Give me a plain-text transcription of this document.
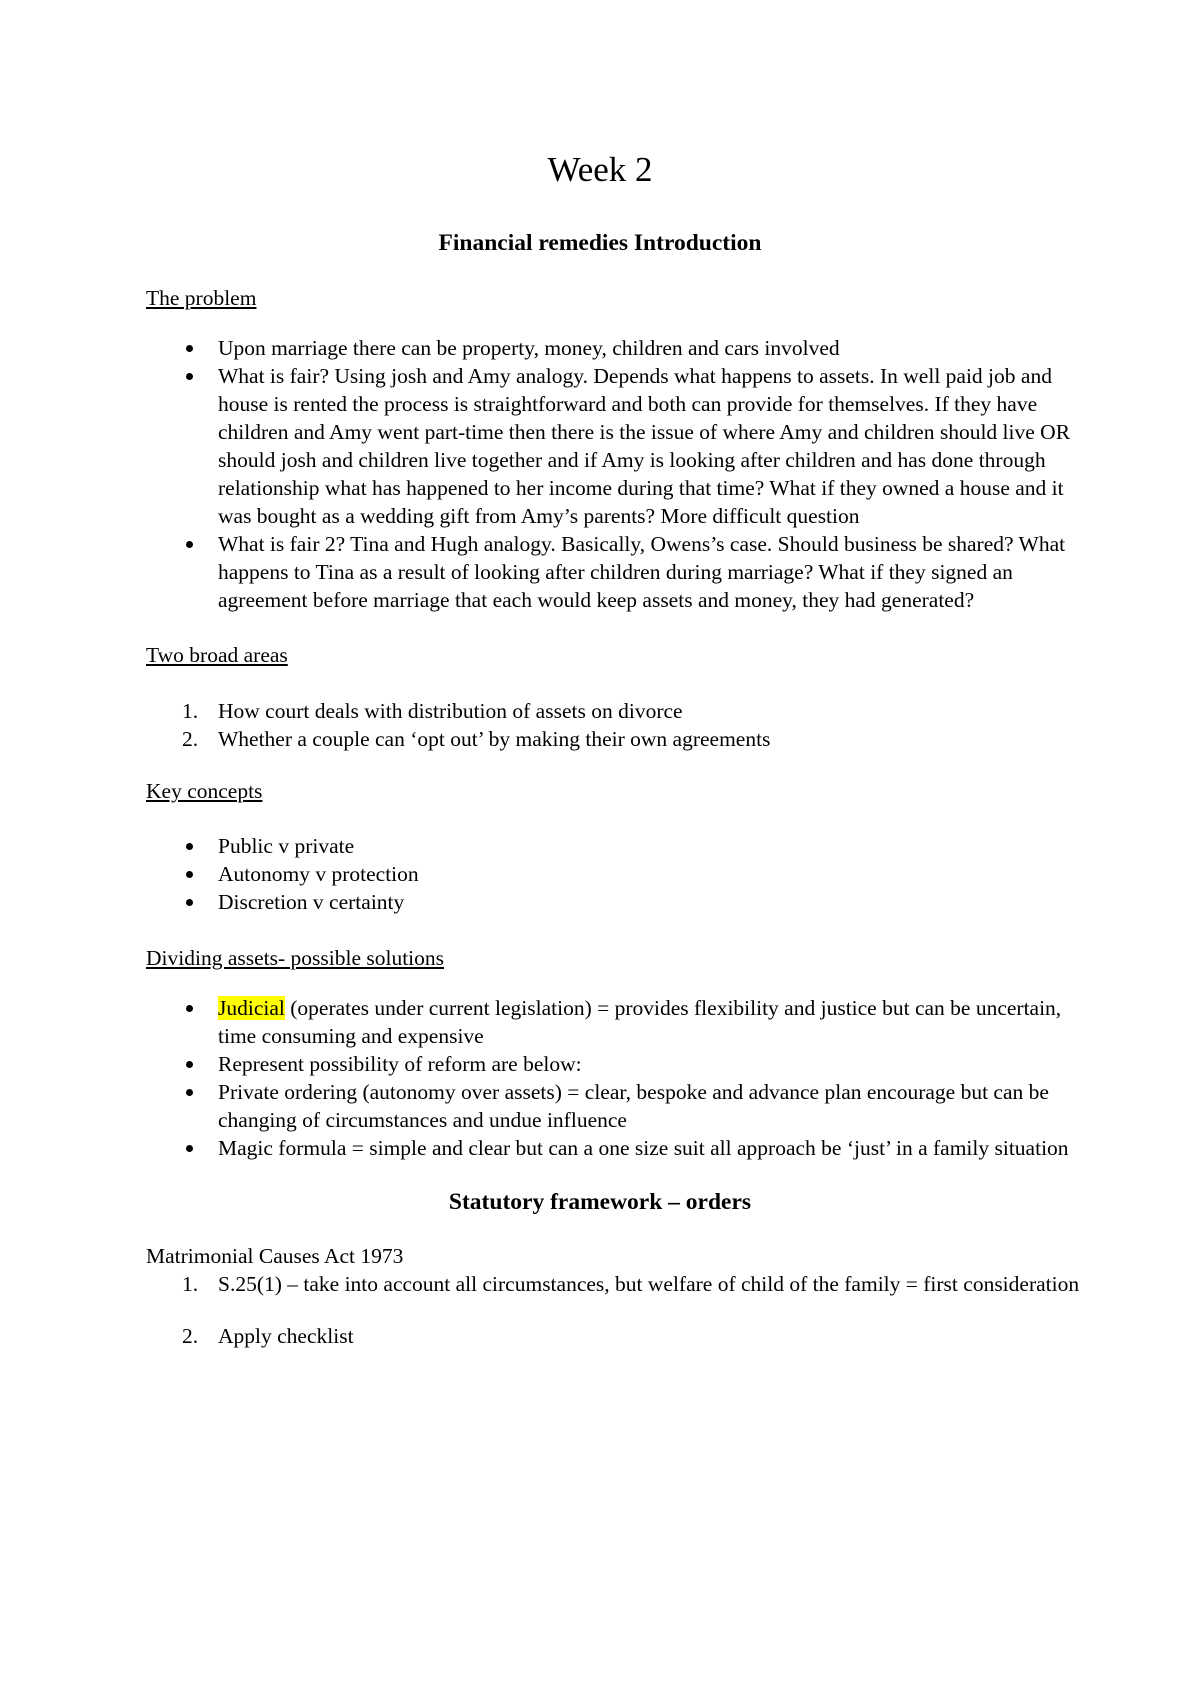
Week 2

Financial remedies Introduction

The problem

Upon marriage there can be property, money, children and cars involved
What is fair? Using josh and Amy analogy. Depends what happens to assets. In well paid job and house is rented the process is straightforward and both can provide for themselves. If they have children and Amy went part-time then there is the issue of where Amy and children should live OR should josh and children live together and if Amy is looking after children and has done through relationship what has happened to her income during that time? What if they owned a house and it was bought as a wedding gift from Amy’s parents? More difficult question
What is fair 2? Tina and Hugh analogy. Basically, Owens’s case. Should business be shared? What happens to Tina as a result of looking after children during marriage? What if they signed an agreement before marriage that each would keep assets and money, they had generated?

Two broad areas

1. How court deals with distribution of assets on divorce
2. Whether a couple can ‘opt out’ by making their own agreements

Key concepts

Public v private
Autonomy v protection
Discretion v certainty

Dividing assets- possible solutions

Judicial (operates under current legislation) = provides flexibility and justice but can be uncertain, time consuming and expensive
Represent possibility of reform are below:
Private ordering (autonomy over assets) = clear, bespoke and advance plan encourage but can be changing of circumstances and undue influence
Magic formula = simple and clear but can a one size suit all approach be ‘just’ in a family situation

Statutory framework – orders

Matrimonial Causes Act 1973

1. S.25(1) – take into account all circumstances, but welfare of child of the family = first consideration
2. Apply checklist
